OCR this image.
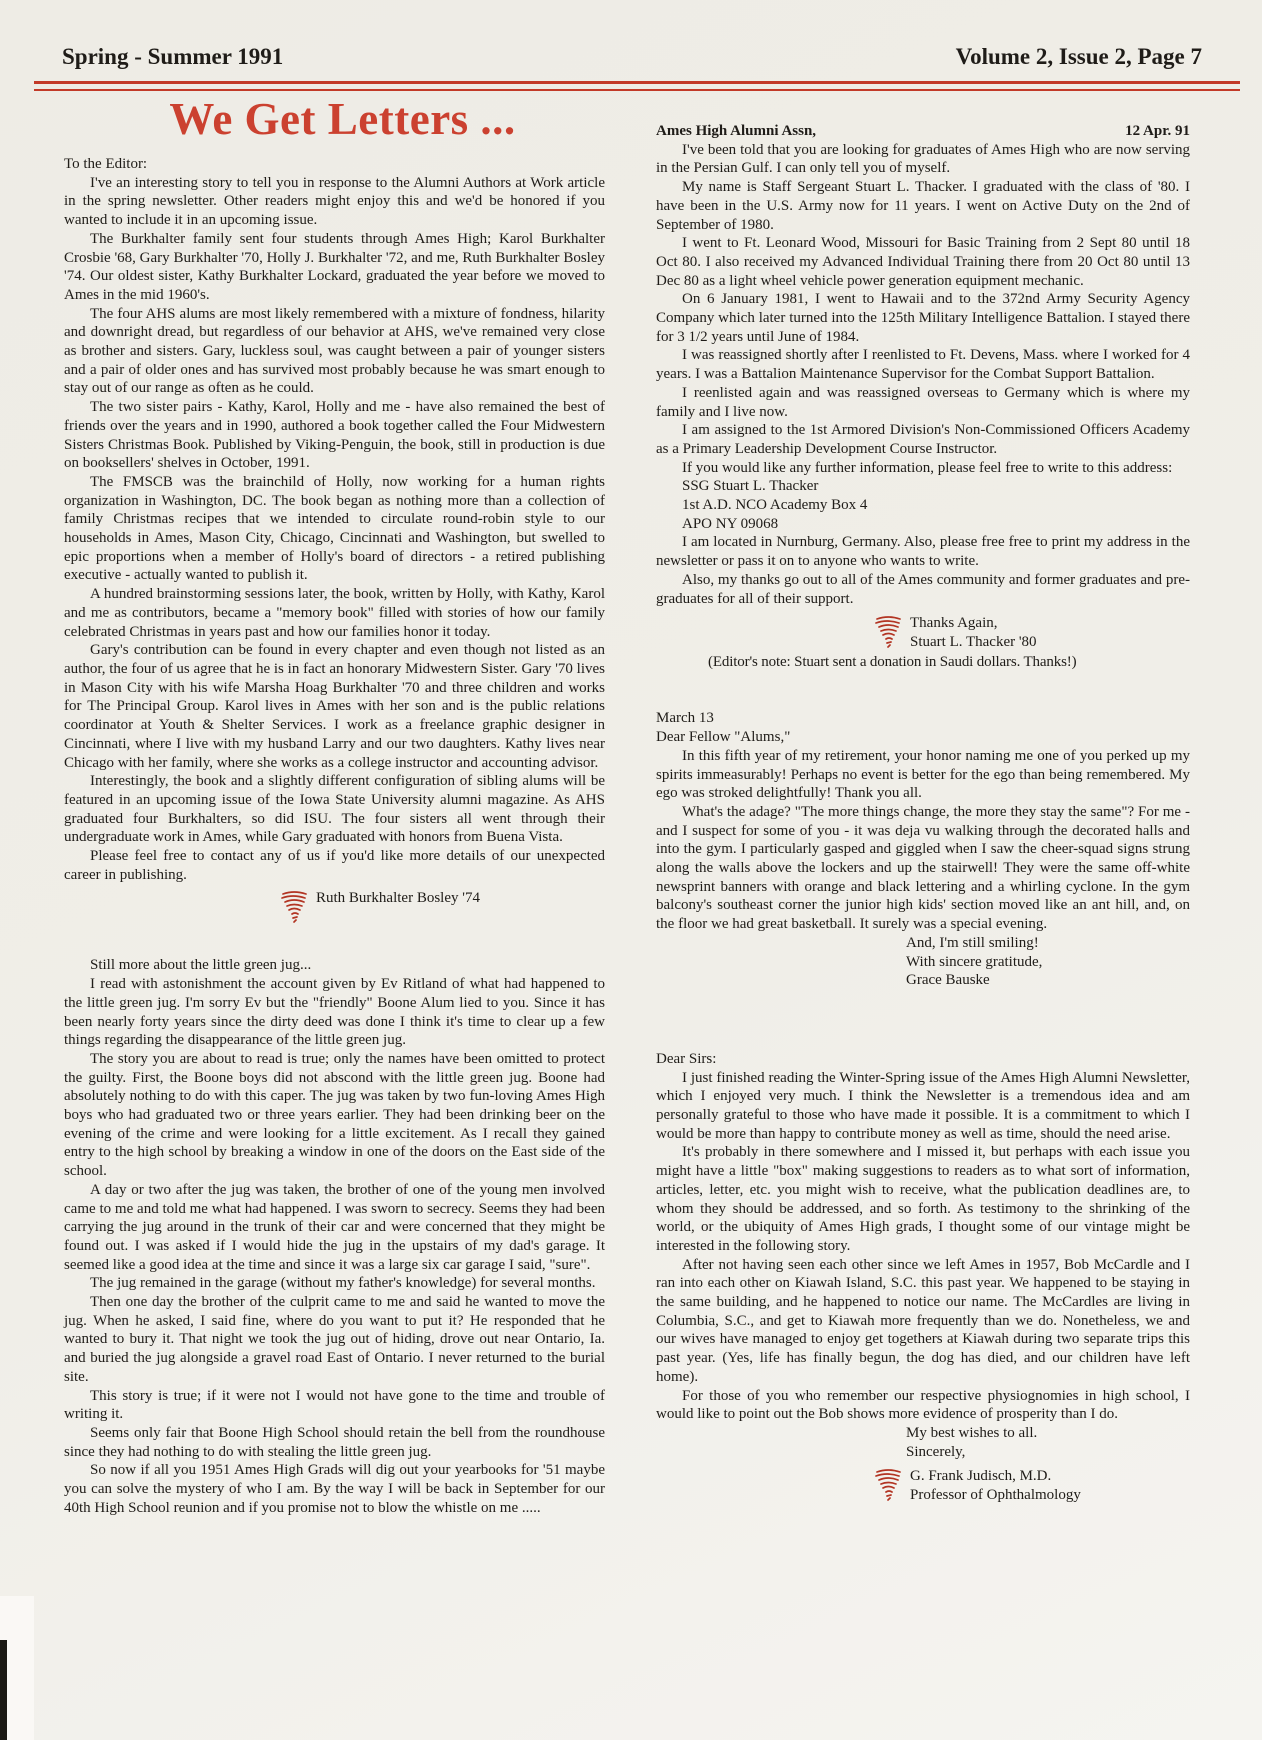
Spring - Summer 1991	Volume 2, Issue 2, Page 7
We Get Letters ...

To the Editor:

I've an interesting story to tell you in response to the Alumni Authors at Work article in the spring newsletter. Other readers might enjoy this and we'd be honored if you wanted to include it in an upcoming issue.

The Burkhalter family sent four students through Ames High; Karol Burkhalter Crosbie '68, Gary Burkhalter '70, Holly J. Burkhalter '72, and me, Ruth Burkhalter Bosley '74. Our oldest sister, Kathy Burkhalter Lockard, graduated the year before we moved to Ames in the mid 1960's.

The four AHS alums are most likely remembered with a mixture of fondness, hilarity and downright dread, but regardless of our behavior at AHS, we've remained very close as brother and sisters. Gary, luckless soul, was caught between a pair of younger sisters and a pair of older ones and has survived most probably because he was smart enough to stay out of our range as often as he could.

The two sister pairs - Kathy, Karol, Holly and me - have also remained the best of friends over the years and in 1990, authored a book together called the Four Midwestern Sisters Christmas Book. Published by Viking-Penguin, the book, still in production is due on booksellers' shelves in October, 1991.

The FMSCB was the brainchild of Holly, now working for a human rights organization in Washington, DC. The book began as nothing more than a collection of family Christmas recipes that we intended to circulate round-robin style to our households in Ames, Mason City, Chicago, Cincinnati and Washington, but swelled to epic proportions when a member of Holly's board of directors - a retired publishing executive - actually wanted to publish it.

A hundred brainstorming sessions later, the book, written by Holly, with Kathy, Karol and me as contributors, became a "memory book" filled with stories of how our family celebrated Christmas in years past and how our families honor it today.

Gary's contribution can be found in every chapter and even though not listed as an author, the four of us agree that he is in fact an honorary Midwestern Sister. Gary '70 lives in Mason City with his wife Marsha Hoag Burkhalter '70 and three children and works for The Principal Group. Karol lives in Ames with her son and is the public relations coordinator at Youth & Shelter Services. I work as a freelance graphic designer in Cincinnati, where I live with my husband Larry and our two daughters. Kathy lives near Chicago with her family, where she works as a college instructor and accounting advisor.

Interestingly, the book and a slightly different configuration of sibling alums will be featured in an upcoming issue of the Iowa State University alumni magazine. As AHS graduated four Burkhalters, so did ISU. The four sisters all went through their undergraduate work in Ames, while Gary graduated with honors from Buena Vista.

Please feel free to contact any of us if you'd like more details of our unexpected career in publishing.

Ruth Burkhalter Bosley '74

Still more about the little green jug...

I read with astonishment the account given by Ev Ritland of what had happened to the little green jug. I'm sorry Ev but the "friendly" Boone Alum lied to you. Since it has been nearly forty years since the dirty deed was done I think it's time to clear up a few things regarding the disappearance of the little green jug.

The story you are about to read is true; only the names have been omitted to protect the guilty. First, the Boone boys did not abscond with the little green jug. Boone had absolutely nothing to do with this caper. The jug was taken by two fun-loving Ames High boys who had graduated two or three years earlier. They had been drinking beer on the evening of the crime and were looking for a little excitement. As I recall they gained entry to the high school by breaking a window in one of the doors on the East side of the school.

A day or two after the jug was taken, the brother of one of the young men involved came to me and told me what had happened. I was sworn to secrecy. Seems they had been carrying the jug around in the trunk of their car and were concerned that they might be found out. I was asked if I would hide the jug in the upstairs of my dad's garage. It seemed like a good idea at the time and since it was a large six car garage I said, "sure".

The jug remained in the garage (without my father's knowledge) for several months.

Then one day the brother of the culprit came to me and said he wanted to move the jug. When he asked, I said fine, where do you want to put it? He responded that he wanted to bury it. That night we took the jug out of hiding, drove out near Ontario, Ia. and buried the jug alongside a gravel road East of Ontario. I never returned to the burial site.

This story is true; if it were not I would not have gone to the time and trouble of writing it.

Seems only fair that Boone High School should retain the bell from the roundhouse since they had nothing to do with stealing the little green jug.

So now if all you 1951 Ames High Grads will dig out your yearbooks for '51 maybe you can solve the mystery of who I am. By the way I will be back in September for our 40th High School reunion and if you promise not to blow the whistle on me .....

Ames High Alumni Assn,	12 Apr. 91

I've been told that you are looking for graduates of Ames High who are now serving in the Persian Gulf. I can only tell you of myself.

My name is Staff Sergeant Stuart L. Thacker. I graduated with the class of '80. I have been in the U.S. Army now for 11 years. I went on Active Duty on the 2nd of September of 1980.

I went to Ft. Leonard Wood, Missouri for Basic Training from 2 Sept 80 until 18 Oct 80. I also received my Advanced Individual Training there from 20 Oct 80 until 13 Dec 80 as a light wheel vehicle power generation equipment mechanic.

On 6 January 1981, I went to Hawaii and to the 372nd Army Security Agency Company which later turned into the 125th Military Intelligence Battalion. I stayed there for 3 1/2 years until June of 1984.

I was reassigned shortly after I reenlisted to Ft. Devens, Mass. where I worked for 4 years. I was a Battalion Maintenance Supervisor for the Combat Support Battalion.

I reenlisted again and was reassigned overseas to Germany which is where my family and I live now.

I am assigned to the 1st Armored Division's Non-Commissioned Officers Academy as a Primary Leadership Development Course Instructor.

If you would like any further information, please feel free to write to this address:

SSG Stuart L. Thacker

1st A.D. NCO Academy Box 4

APO NY 09068

I am located in Nurnburg, Germany. Also, please free free to print my address in the newsletter or pass it on to anyone who wants to write.

Also, my thanks go out to all of the Ames community and former graduates and pre-graduates for all of their support.

Thanks Again,
Stuart L. Thacker '80

(Editor's note: Stuart sent a donation in Saudi dollars. Thanks!)

March 13

Dear Fellow "Alums,"

In this fifth year of my retirement, your honor naming me one of you perked up my spirits immeasurably! Perhaps no event is better for the ego than being remembered. My ego was stroked delightfully! Thank you all.

What's the adage? "The more things change, the more they stay the same"? For me - and I suspect for some of you - it was deja vu walking through the decorated halls and into the gym. I particularly gasped and giggled when I saw the cheer-squad signs strung along the walls above the lockers and up the stairwell! They were the same off-white newsprint banners with orange and black lettering and a whirling cyclone. In the gym balcony's southeast corner the junior high kids' section moved like an ant hill, and, on the floor we had great basketball. It surely was a special evening.

And, I'm still smiling!
With sincere gratitude,
Grace Bauske

Dear Sirs:

I just finished reading the Winter-Spring issue of the Ames High Alumni Newsletter, which I enjoyed very much. I think the Newsletter is a tremendous idea and am personally grateful to those who have made it possible. It is a commitment to which I would be more than happy to contribute money as well as time, should the need arise.

It's probably in there somewhere and I missed it, but perhaps with each issue you might have a little "box" making suggestions to readers as to what sort of information, articles, letter, etc. you might wish to receive, what the publication deadlines are, to whom they should be addressed, and so forth. As testimony to the shrinking of the world, or the ubiquity of Ames High grads, I thought some of our vintage might be interested in the following story.

After not having seen each other since we left Ames in 1957, Bob McCardle and I ran into each other on Kiawah Island, S.C. this past year. We happened to be staying in the same building, and he happened to notice our name. The McCardles are living in Columbia, S.C., and get to Kiawah more frequently than we do. Nonetheless, we and our wives have managed to enjoy get togethers at Kiawah during two separate trips this past year. (Yes, life has finally begun, the dog has died, and our children have left home).

For those of you who remember our respective physiognomies in high school, I would like to point out the Bob shows more evidence of prosperity than I do.

My best wishes to all.
Sincerely,
G. Frank Judisch, M.D.
Professor of Ophthalmology
